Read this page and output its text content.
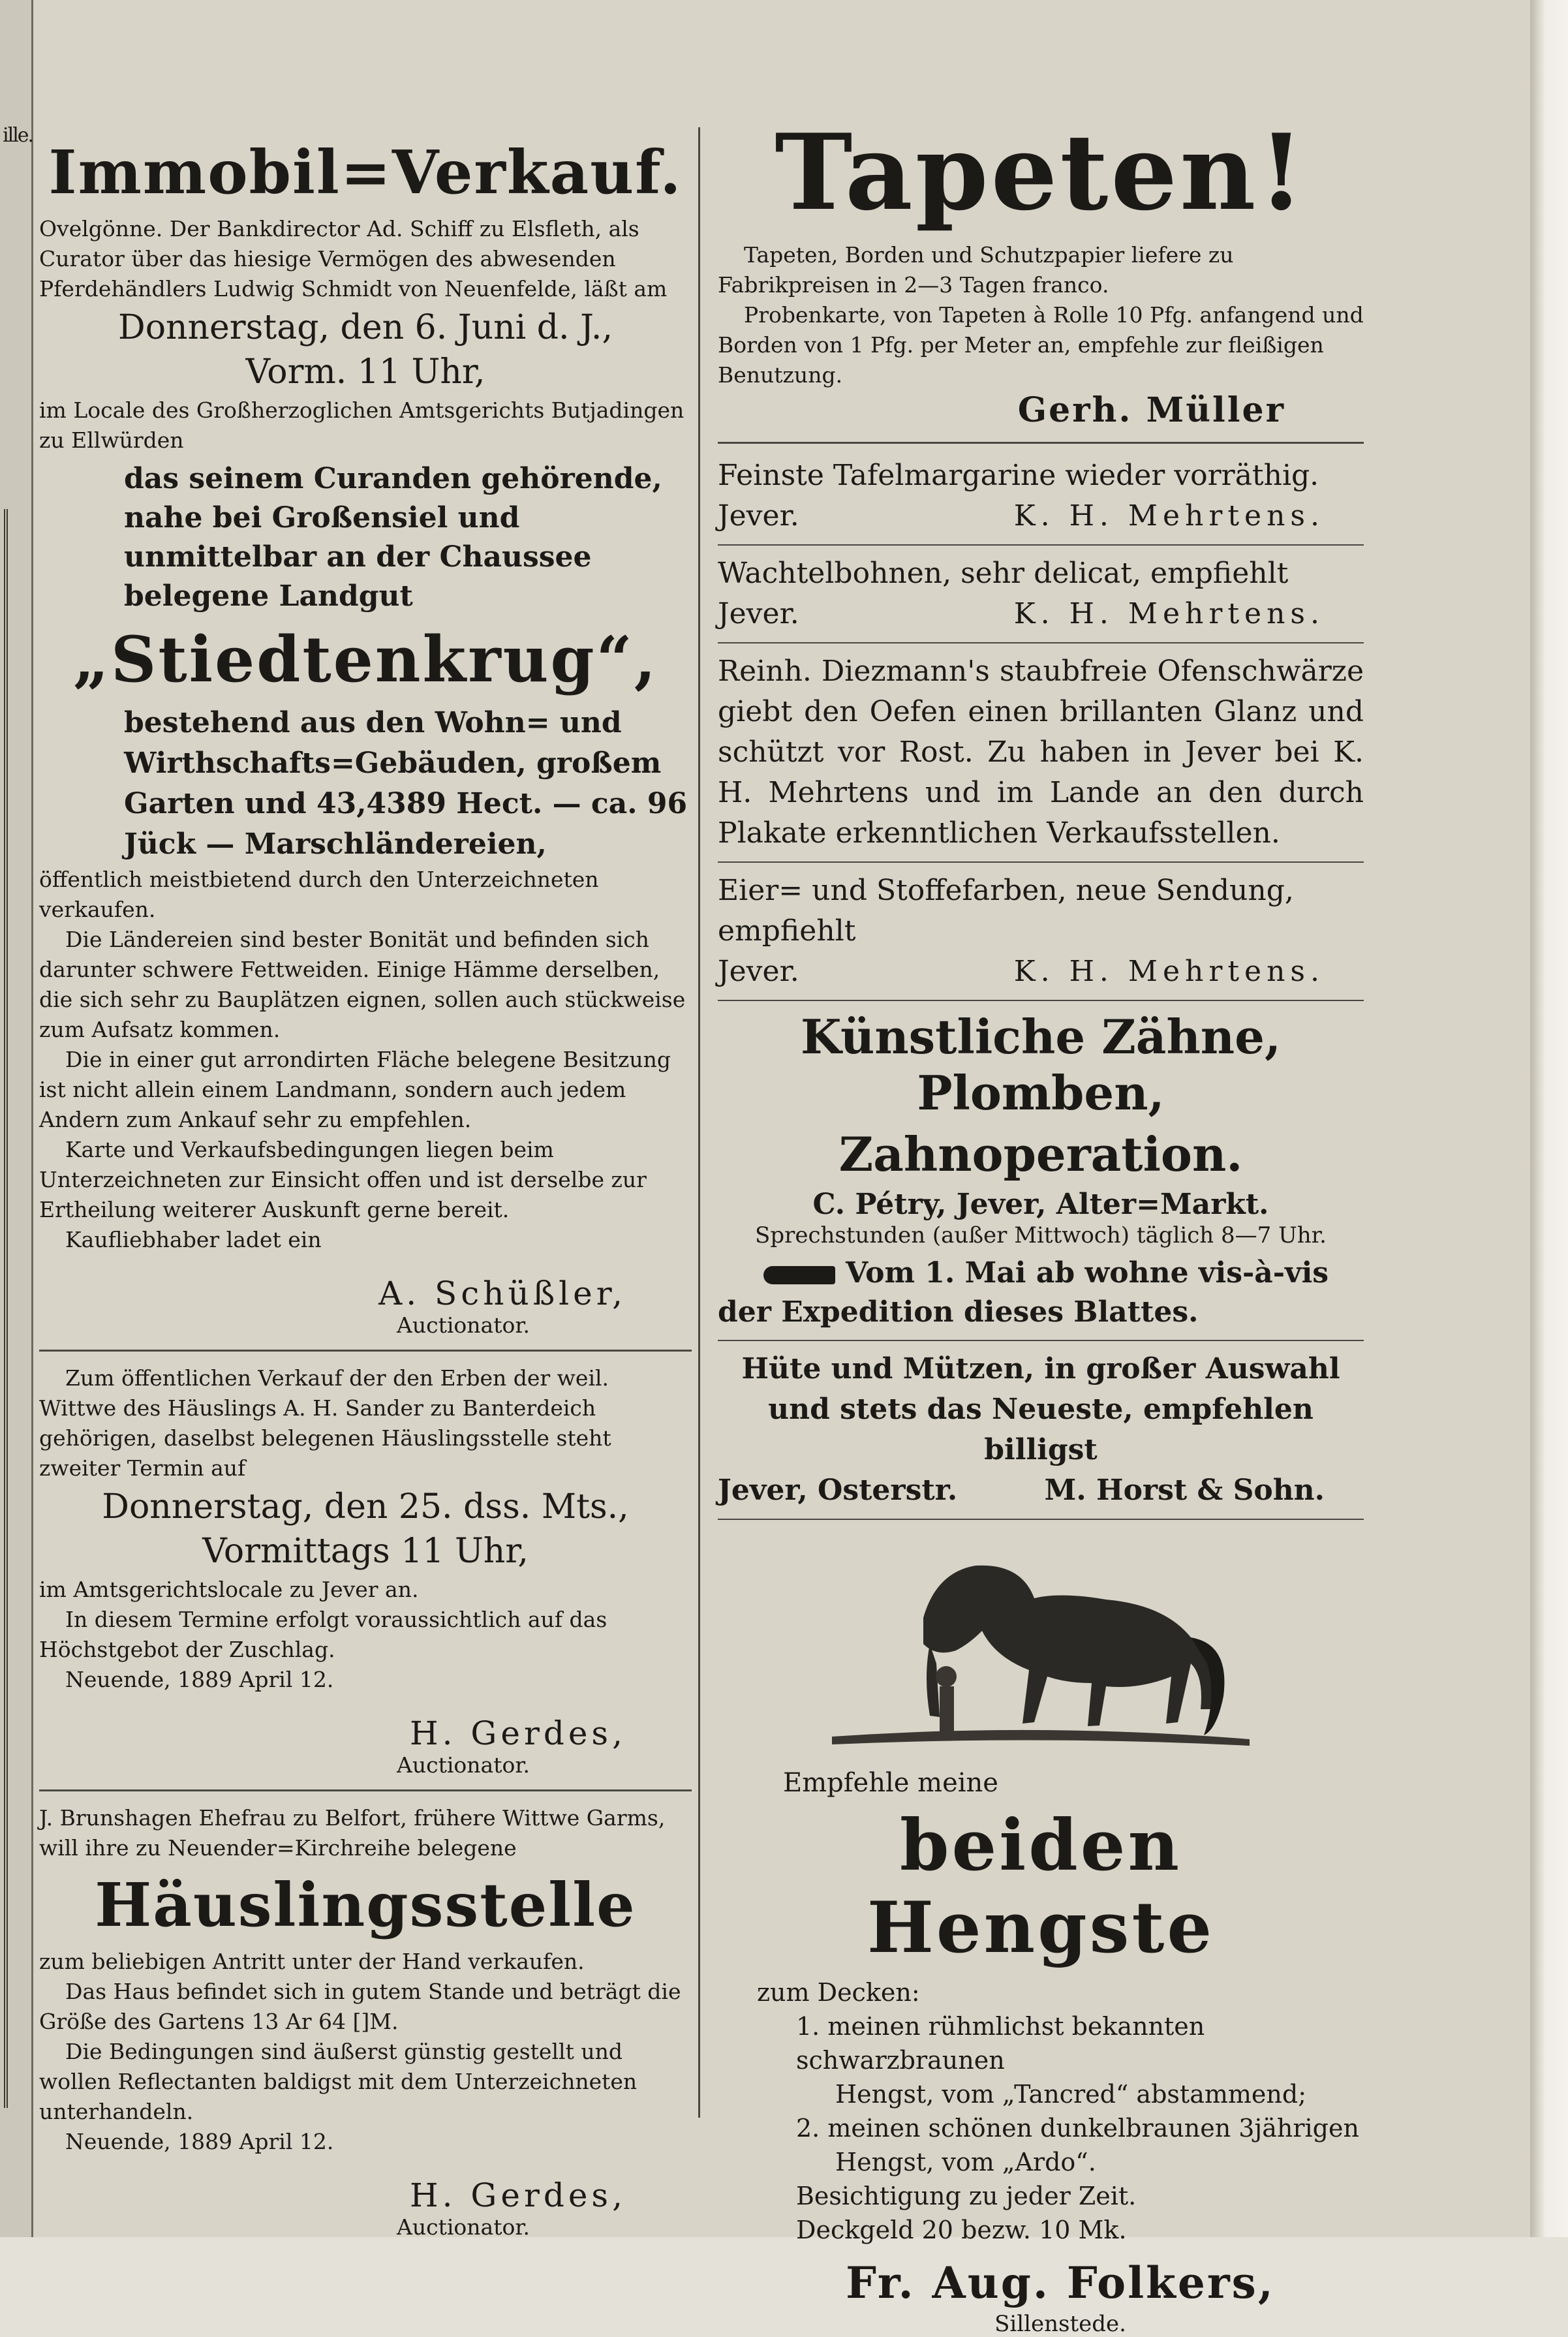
ille.
Immobil=Verkauf.

Ovelgönne. Der Bankdirector Ad. Schiff zu Elsfleth, als Curator über das hiesige Vermögen des abwesenden Pferdehändlers Ludwig Schmidt von Neuenfelde, läßt am

Donnerstag, den 6. Juni d. J.,
Vorm. 11 Uhr,

im Locale des Großherzoglichen Amtsgerichts Butjadingen zu Ellwürden

das seinem Curanden gehörende, nahe bei Großensiel und unmittelbar an der Chaussee belegene Landgut
„Stiedtenkrug“,
bestehend aus den Wohn= und Wirthschafts=Gebäuden, großem Garten und 43,4389 Hect. — ca. 96 Jück — Marschländereien,

öffentlich meistbietend durch den Unterzeichneten verkaufen.

Die Ländereien sind bester Bonität und befinden sich darunter schwere Fettweiden. Einige Hämme derselben, die sich sehr zu Bauplätzen eignen, sollen auch stückweise zum Aufsatz kommen.

Die in einer gut arrondirten Fläche belegene Besitzung ist nicht allein einem Landmann, sondern auch jedem Andern zum Ankauf sehr zu empfehlen.

Karte und Verkaufsbedingungen liegen beim Unterzeichneten zur Einsicht offen und ist derselbe zur Ertheilung weiterer Auskunft gerne bereit.

Kaufliebhaber ladet ein

A. Schüßler,
Auctionator.

Zum öffentlichen Verkauf der den Erben der weil. Wittwe des Häuslings A. H. Sander zu Banterdeich gehörigen, daselbst belegenen Häuslingsstelle steht zweiter Termin auf

Donnerstag, den 25. dss. Mts.,
Vormittags 11 Uhr,

im Amtsgerichtslocale zu Jever an.

In diesem Termine erfolgt voraussichtlich auf das Höchstgebot der Zuschlag.

Neuende, 1889 April 12.

H. Gerdes,
Auctionator.

J. Brunshagen Ehefrau zu Belfort, frühere Wittwe Garms, will ihre zu Neuender=Kirchreihe belegene

Häuslingsstelle

zum beliebigen Antritt unter der Hand verkaufen.

Das Haus befindet sich in gutem Stande und beträgt die Größe des Gartens 13 Ar 64 []M.

Die Bedingungen sind äußerst günstig gestellt und wollen Reflectanten baldigst mit dem Unterzeichneten unterhandeln.

Neuende, 1889 April 12.

H. Gerdes,
Auctionator.
Tapeten!

Tapeten, Borden und Schutzpapier liefere zu Fabrikpreisen in 2—3 Tagen franco.

Probenkarte, von Tapeten à Rolle 10 Pfg. anfangend und Borden von 1 Pfg. per Meter an, empfehle zur fleißigen Benutzung.

Gerh. Müller

Feinste Tafelmargarine wieder vorräthig.

Jever.	K. H. Mehrtens.

Wachtelbohnen, sehr delicat, empfiehlt

Jever.	K. H. Mehrtens.

Reinh. Diezmann's staubfreie Ofenschwärze giebt den Oefen einen brillanten Glanz und schützt vor Rost. Zu haben in Jever bei K. H. Mehrtens und im Lande an den durch Plakate erkenntlichen Verkaufsstellen.

Eier= und Stoffefarben, neue Sendung,

empfiehlt

Jever.	K. H. Mehrtens.
Künstliche Zähne, Plomben,
Zahnoperation.
C. Pétry, Jever, Alter=Markt.
Sprechstunden (außer Mittwoch) täglich 8—7 Uhr.
Vom 1. Mai ab wohne vis-à-vis der Expedition dieses Blattes.

Hüte und Mützen, in großer Auswahl und stets das Neueste, empfehlen billigst

Jever, Osterstr.	M. Horst & Sohn.
Empfehle meine
beiden Hengste
zum Decken:
1. meinen rühmlichst bekannten schwarzbraunen
Hengst, vom „Tancred“ abstammend;
2. meinen schönen dunkelbraunen 3jährigen
Hengst, vom „Ardo“.
Besichtigung zu jeder Zeit.
Deckgeld 20 bezw. 10 Mk.
Fr. Aug. Folkers,
Sillenstede.
